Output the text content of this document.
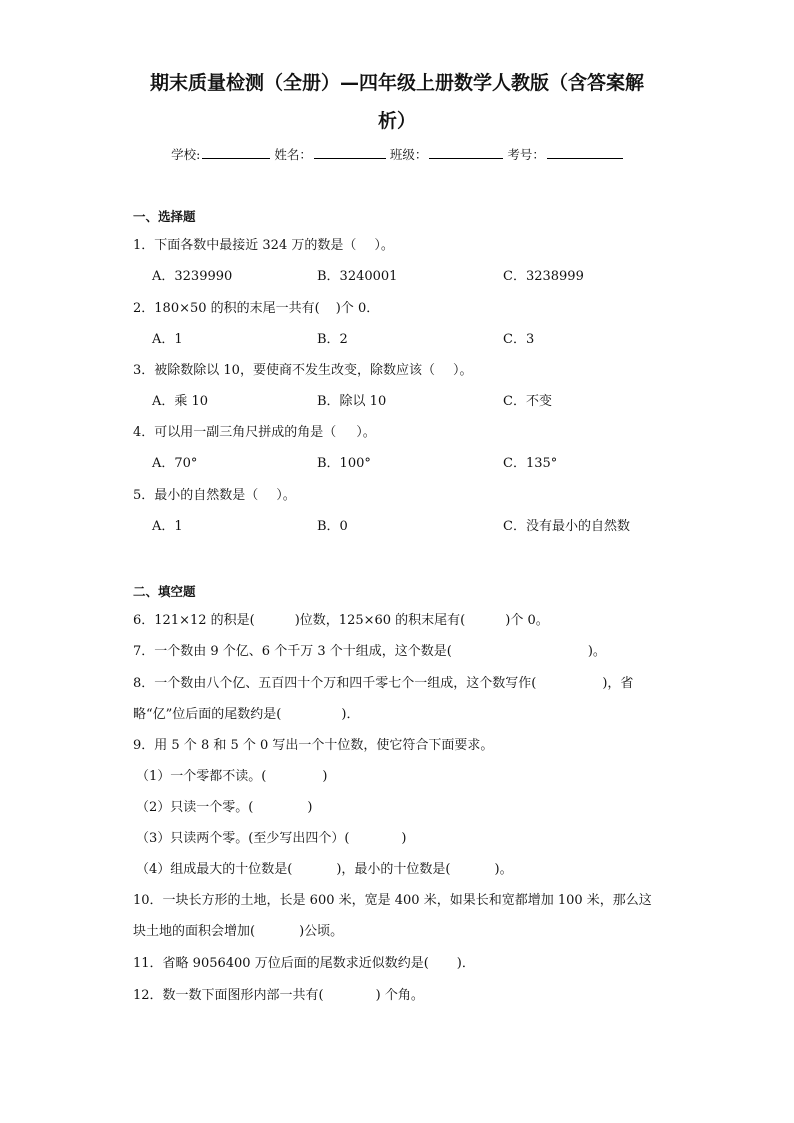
期末质量检测（全册）—四年级上册数学人教版（含答案解
析）
学校:	姓名：	班级：	考号：
一、选择题
1．下面各数中最接近 324 万的数是（ ）。
A．3239990	B．3240001	C．3238999
2．180×50 的积的末尾一共有( )个 0．
A．1	B．2	C．3
3．被除数除以 10，要使商不发生改变，除数应该（ ）。
A．乘 10	B．除以 10	C．不变
4．可以用一副三角尺拼成的角是（ ）。
A．70°	B．100°	C．135°
5．最小的自然数是（ ）。
A．1	B．0	C．没有最小的自然数
二、填空题
6．121×12 的积是(	)位数，125×60 的积末尾有(	)个 0。
7．一个数由 9 个亿、6 个千万 3 个十组成，这个数是(	)。
8．一个数由八个亿、五百四十个万和四千零七个一组成，这个数写作(	)，省
略“亿”位后面的尾数约是(	)．
9．用 5 个 8 和 5 个 0 写出一个十位数，使它符合下面要求。
（1）一个零都不读。(	)
（2）只读一个零。(	)
（3）只读两个零。(至少写出四个）(	)
（4）组成最大的十位数是(	)，最小的十位数是(	)。
10．一块长方形的土地，长是 600 米，宽是 400 米，如果长和宽都增加 100 米，那么这
块土地的面积会增加(	)公顷。
11．省略 9056400 万位后面的尾数求近似数约是( )．
12．数一数下面图形内部一共有(	) 个角。
